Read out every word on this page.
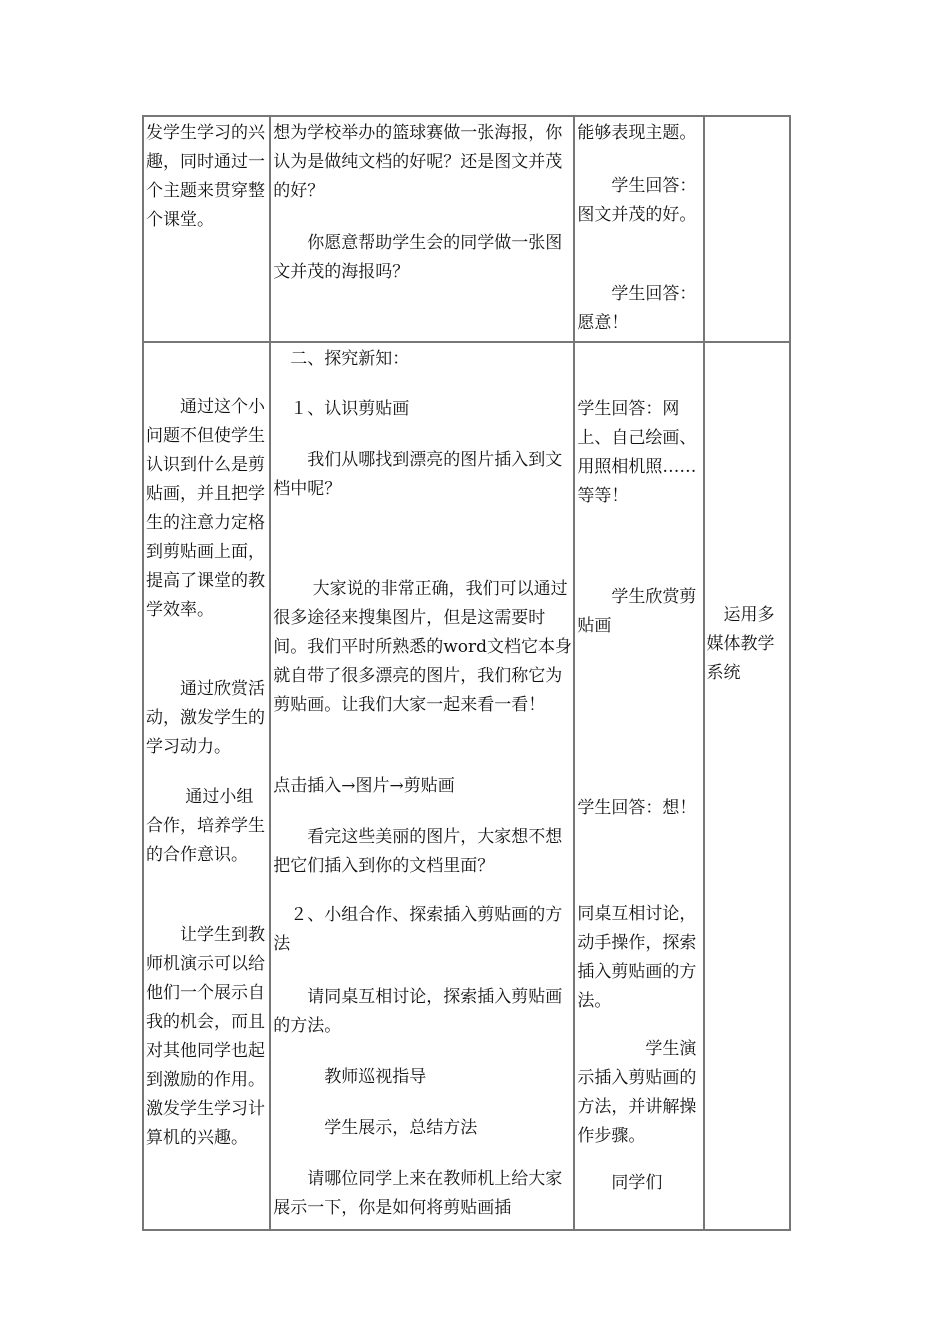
发学生学习的兴趣，同时通过一个主题来贯穿整个课堂。
想为学校举办的篮球赛做一张海报，你认为是做纯文档的好呢？还是图文并茂的好？
　　你愿意帮助学生会的同学做一张图文并茂的海报吗？
能够表现主题。
　　学生回答：图文并茂的好。
　　学生回答：愿意！
　　通过这个小问题不但使学生认识到什么是剪贴画，并且把学生的注意力定格到剪贴画上面，提高了课堂的教学效率。
　　通过欣赏活动，激发学生的学习动力。
　　 通过小组合作，培养学生的合作意识。
　　让学生到教师机演示可以给他们一个展示自我的机会，而且对其他同学也起到激励的作用。激发学生学习计算机的兴趣。
　二、探究新知：
　１、认识剪贴画
　　我们从哪找到漂亮的图片插入到文档中呢？
　　 大家说的非常正确，我们可以通过很多途径来搜集图片，但是这需要时间。我们平时所熟悉的word文档它本身就自带了很多漂亮的图片，我们称它为剪贴画。让我们大家一起来看一看！
点击插入→图片→剪贴画
　　看完这些美丽的图片，大家想不想把它们插入到你的文档里面？
　２、小组合作、探索插入剪贴画的方法
　　请同桌互相讨论，探索插入剪贴画的方法。
　　　教师巡视指导
　　　学生展示，总结方法
　　请哪位同学上来在教师机上给大家展示一下，你是如何将剪贴画插
学生回答：网上、自己绘画、用照相机照……等等！
　　学生欣赏剪贴画
学生回答：想！
同桌互相讨论，动手操作，探索插入剪贴画的方法。
　　　　学生演示插入剪贴画的方法，并讲解操作步骤。
　　同学们
　运用多媒体教学系统
